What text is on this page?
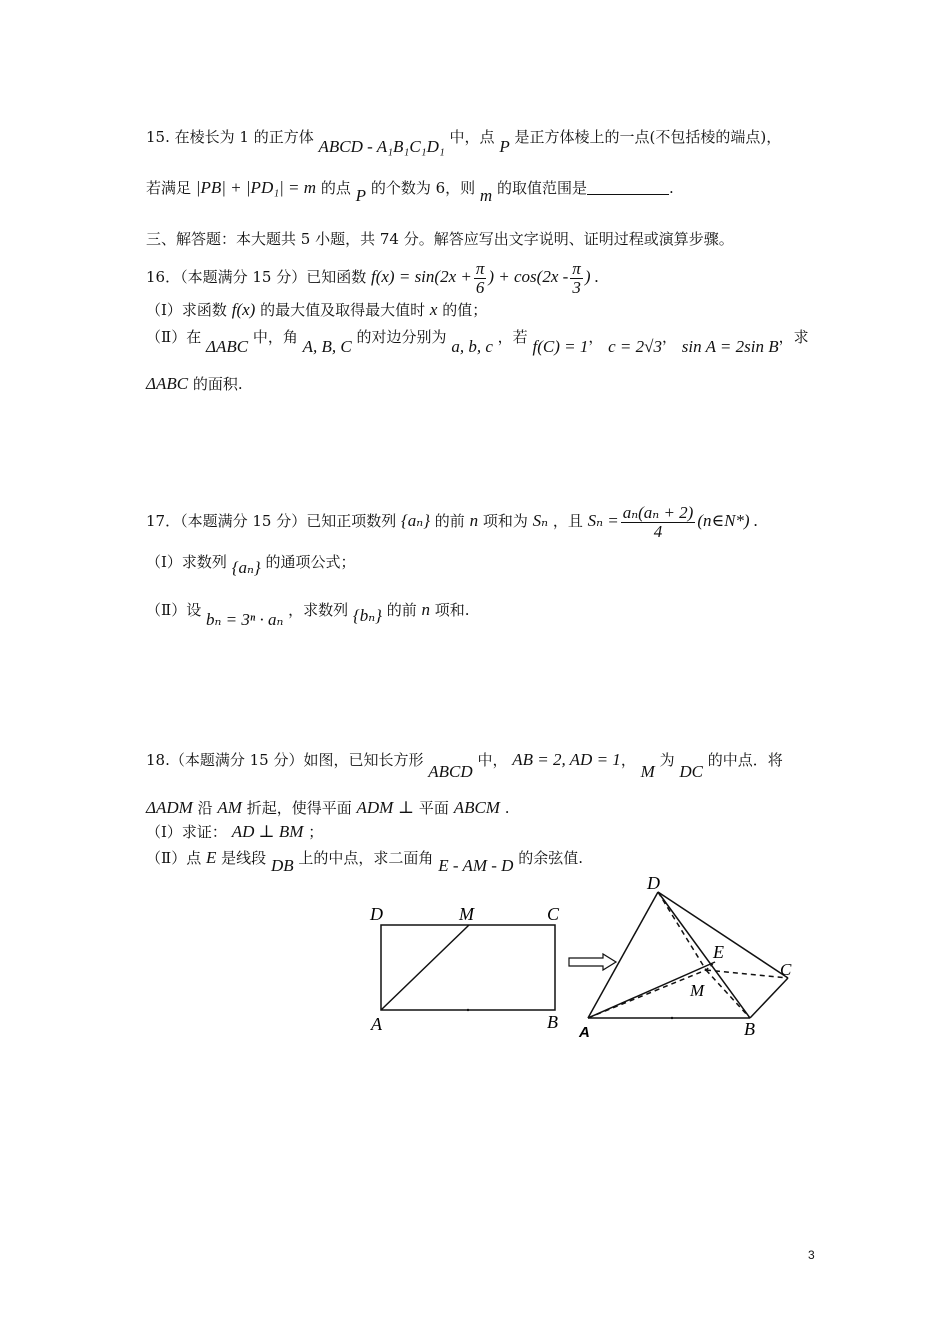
15. 在棱长为 1 的正方体 ABCD - A₁B₁C₁D₁ 中，点 P 是正方体棱上的一点(不包括棱的端点)，
若满足 |PB| + |PD₁| = m 的点 P 的个数为 6，则 m 的取值范围是	.
三、解答题：本大题共 5 小题，共 74 分。解答应写出文字说明、证明过程或演算步骤。
16．（本题满分 15 分）已知函数 $f(x) = \sin(2x + \frac{\pi}{6}$ ) + $\cos(2x - \frac{\pi}{3}$ ) .
（Ⅰ）求函数 f(x) 的最大值及取得最大值时 x 的值；
（Ⅱ）在 ΔABC 中，角 A, B, C 的对边分别为 a, b, c ，若 f(C) = 1， c = 2√3， sin A = 2sin B，求
ΔABC 的面积.
17．（本题满分 15 分）已知正项数列 {aₙ} 的前 n 项和为 Sₙ ，且 $S_n = \frac{\text{aₙ(aₙ + 2)}}{4}$ (n∈N*) .
（Ⅰ）求数列 {aₙ} 的通项公式；
（Ⅱ）设 bₙ = 3ⁿ · aₙ ，求数列 {bₙ} 的前 n 项和.
18.（本题满分 15 分）如图，已知长方形 ABCD 中， AB = 2, AD = 1， M 为 DC 的中点．将
ΔADM 沿 AM 折起，使得平面 ADM ⊥ 平面 ABCM .
（Ⅰ）求证： AD ⊥ BM ；
（Ⅱ）点 E 是线段 DB 上的中点，求二面角 E - AM - D 的余弦值.
D	M	C
A	B
D
E
C
M
A	B
3
